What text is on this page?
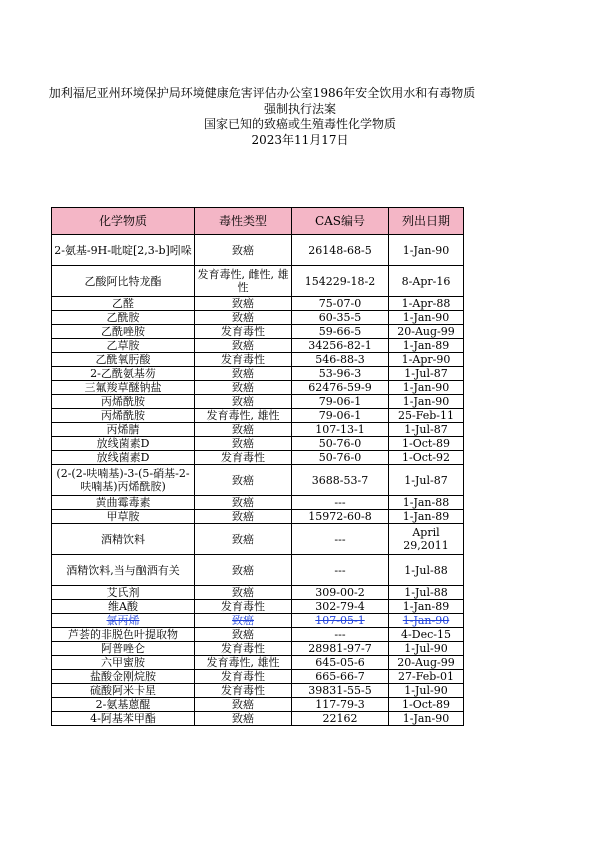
加利福尼亚州环境保护局环境健康危害评估办公室1986年安全饮用水和有毒物质
强制执行法案
国家已知的致癌或生殖毒性化学物质
2023年11月17日
化学物质	毒性类型	CAS编号	列出日期
2-氨基-9H-吡啶[2,3-b]吲哚	致癌	26148-68-5	1-Jan-90
乙酸阿比特龙酯	发育毒性, 雌性, 雄性	154229-18-2	8-Apr-16
乙醛	致癌	75-07-0	1-Apr-88
乙酰胺	致癌	60-35-5	1-Jan-90
乙酰唑胺	发育毒性	59-66-5	20-Aug-99
乙草胺	致癌	34256-82-1	1-Jan-89
乙酰氧肟酸	发育毒性	546-88-3	1-Apr-90
2-乙酰氨基芴	致癌	53-96-3	1-Jul-87
三氟羧草醚钠盐	致癌	62476-59-9	1-Jan-90
丙烯酰胺	致癌	79-06-1	1-Jan-90
丙烯酰胺	发育毒性, 雄性	79-06-1	25-Feb-11
丙烯腈	致癌	107-13-1	1-Jul-87
放线菌素D	致癌	50-76-0	1-Oct-89
放线菌素D	发育毒性	50-76-0	1-Oct-92
(2-(2-呋喃基)-3-(5-硝基-2-呋喃基)丙烯酰胺)	致癌	3688-53-7	1-Jul-87
黄曲霉毒素	致癌	---	1-Jan-88
甲草胺	致癌	15972-60-8	1-Jan-89
酒精饮料	致癌	---	April 29,2011
酒精饮料,当与酗酒有关	致癌	---	1-Jul-88
艾氏剂	致癌	309-00-2	1-Jul-88
维A酸	发育毒性	302-79-4	1-Jan-89
氯丙烯	致癌	107-05-1	1-Jan-90
芦荟的非脱色叶提取物	致癌	---	4-Dec-15
阿普唑仑	发育毒性	28981-97-7	1-Jul-90
六甲蜜胺	发育毒性, 雄性	645-05-6	20-Aug-99
盐酸金刚烷胺	发育毒性	665-66-7	27-Feb-01
硫酸阿米卡星	发育毒性	39831-55-5	1-Jul-90
2-氨基蒽醌	致癌	117-79-3	1-Oct-89
4-阿基苯甲酯	致癌	22162	1-Jan-90
